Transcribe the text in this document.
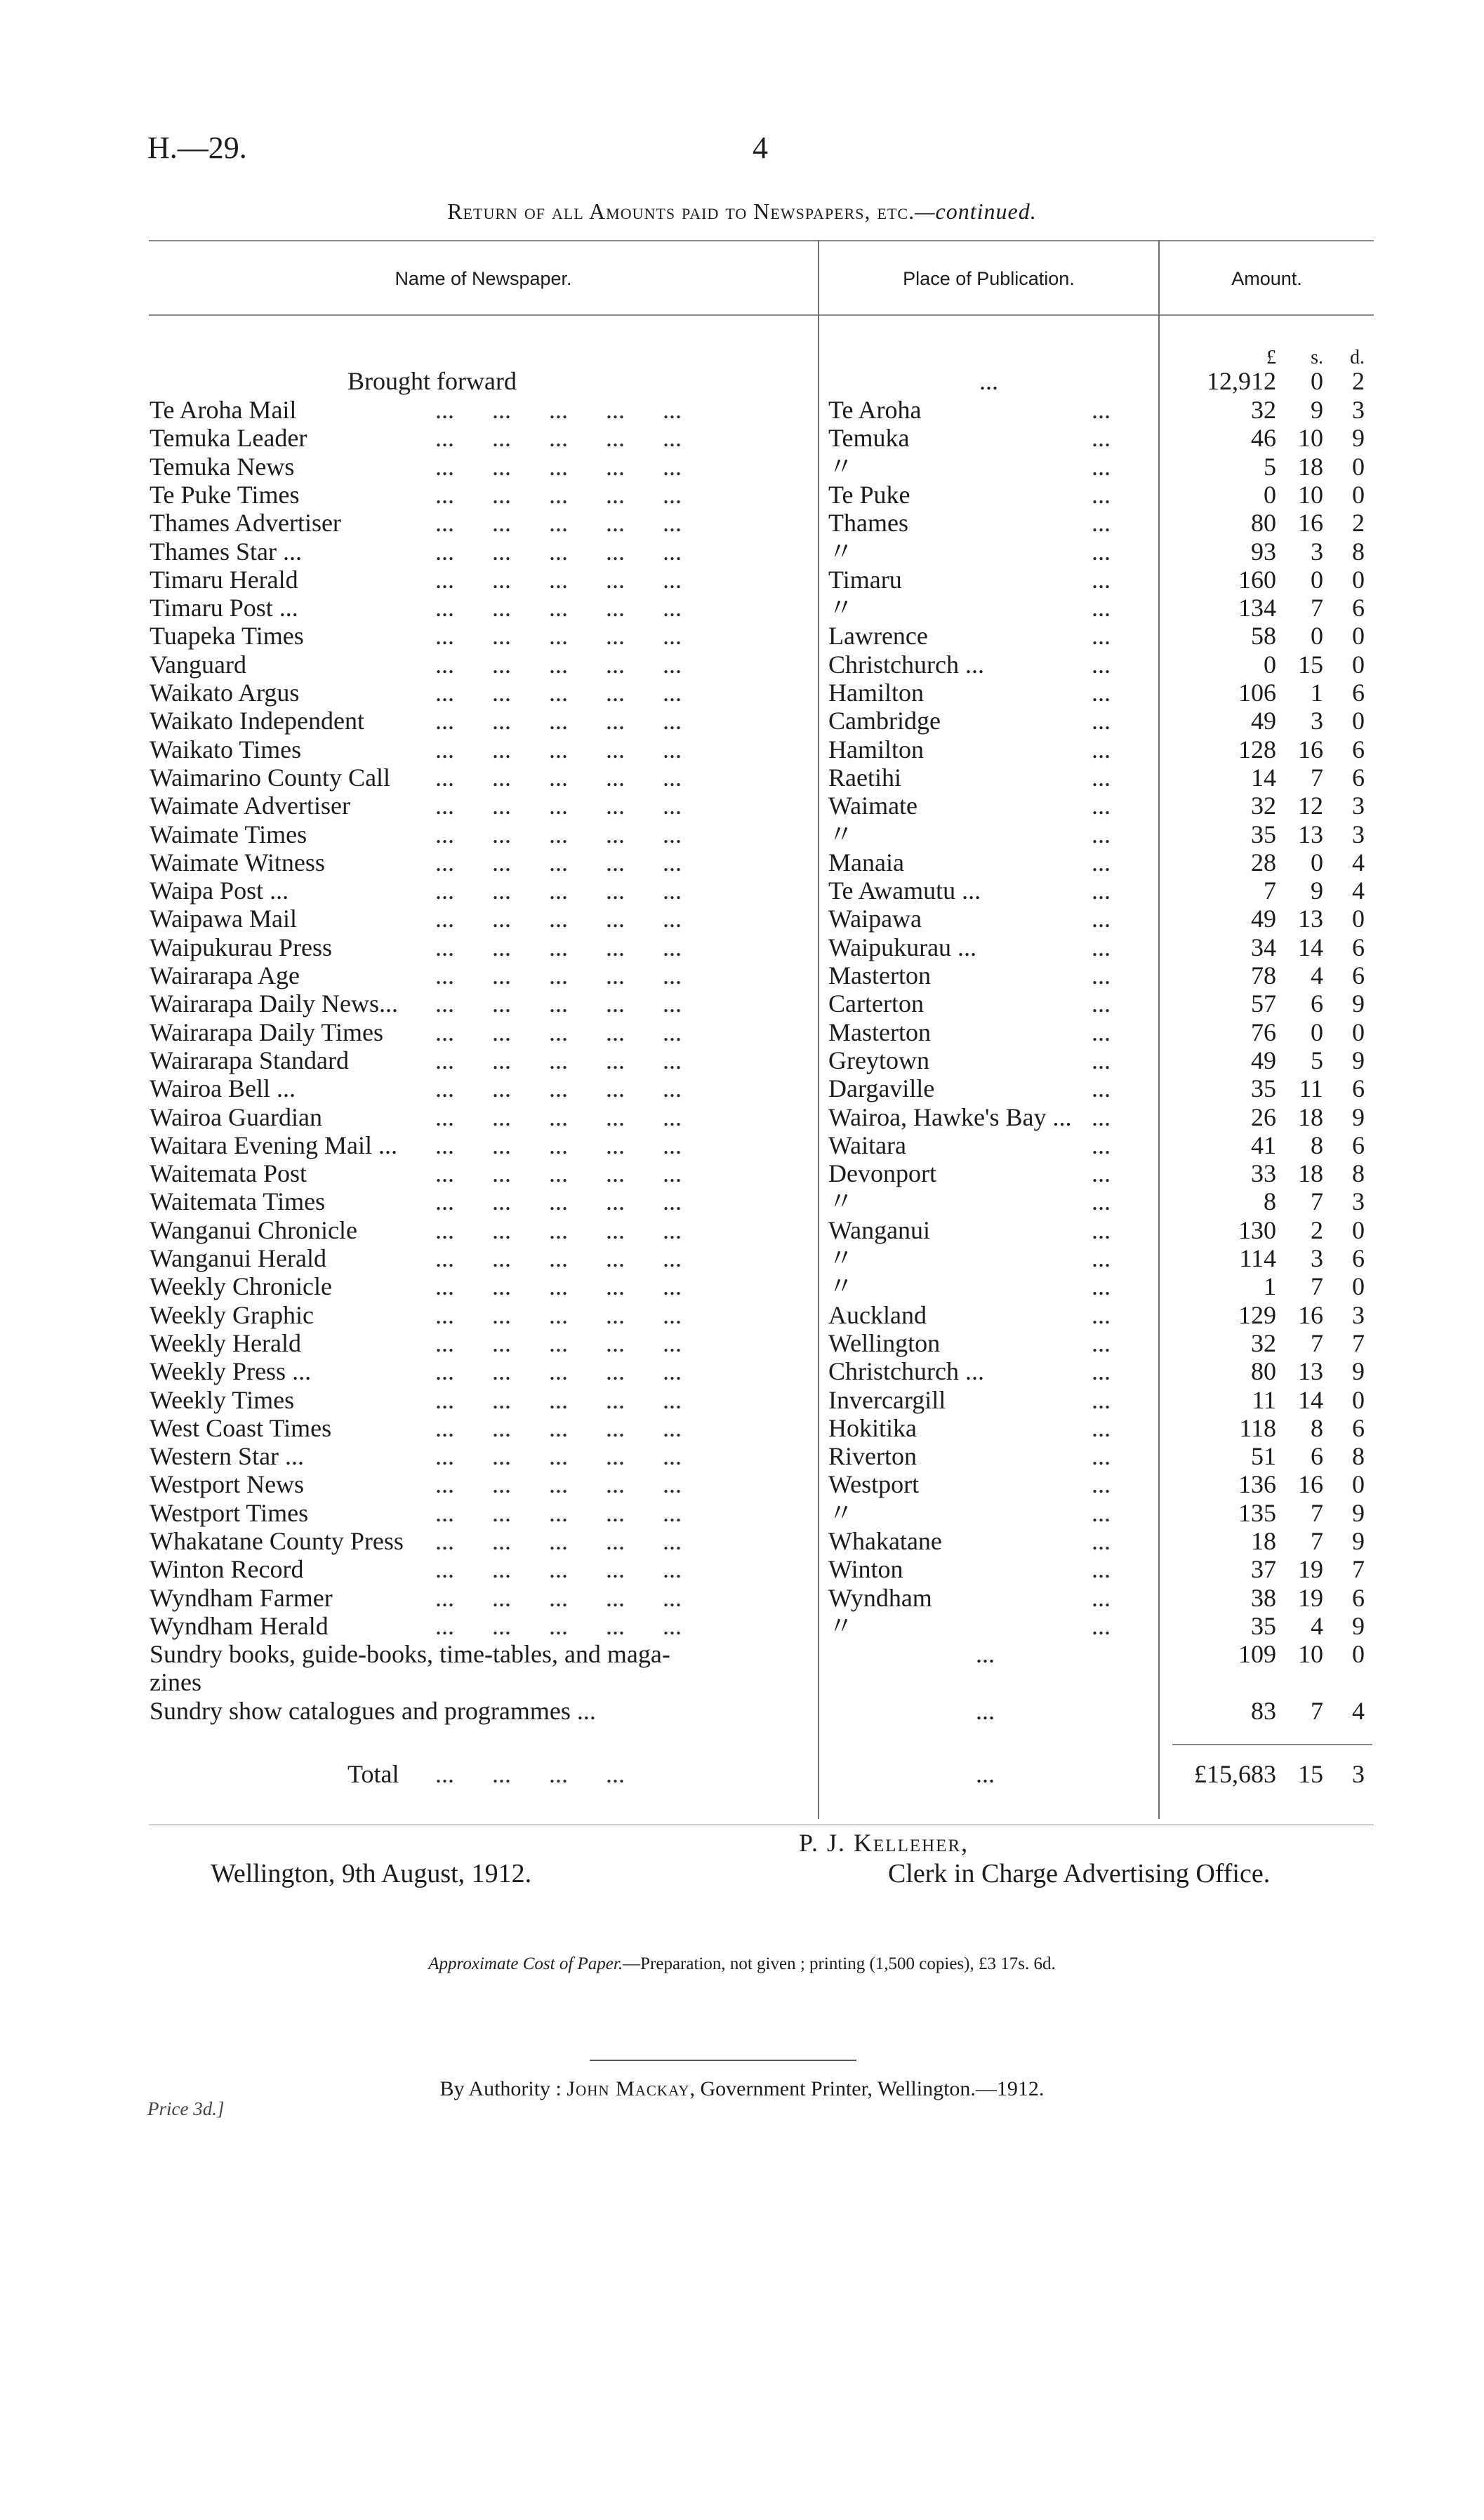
H.—29.	4
Return of all Amounts paid to Newspapers, etc.—continued.
Name of Newspaper.	Place of Publication.	Amount.
£ s. d.
Brought forward	...	12,912 0 2
Te Aroha Mail	...      ...      ...      ...      ...	Te Aroha	...	32 9 3
Temuka Leader	...      ...      ...      ...      ...	Temuka	...	46 10 9
Temuka News	...      ...      ...      ...      ...	〃	...	5 18 0
Te Puke Times	...      ...      ...      ...      ...	Te Puke	...	0 10 0
Thames Advertiser	...      ...      ...      ...      ...	Thames	...	80 16 2
Thames Star ...	...      ...      ...      ...      ...	〃	...	93 3 8
Timaru Herald	...      ...      ...      ...      ...	Timaru	...	160 0 0
Timaru Post ...	...      ...      ...      ...      ...	〃	...	134 7 6
Tuapeka Times	...      ...      ...      ...      ...	Lawrence	...	58 0 0
Vanguard	...      ...      ...      ...      ...	Christchurch ...	...	0 15 0
Waikato Argus	...      ...      ...      ...      ...	Hamilton	...	106 1 6
Waikato Independent	...      ...      ...      ...      ...	Cambridge	...	49 3 0
Waikato Times	...      ...      ...      ...      ...	Hamilton	...	128 16 6
Waimarino County Call ...      ...      ...      ...      ...	Raetihi	...	14 7 6
Waimate Advertiser	...      ...      ...      ...      ...	Waimate	...	32 12 3
Waimate Times	...      ...      ...      ...      ...	〃	...	35 13 3
Waimate Witness	...      ...      ...      ...      ...	Manaia	...	28 0 4
Waipa Post ...	...      ...      ...      ...      ...	Te Awamutu ...	...	7 9 4
Waipawa Mail	...      ...      ...      ...      ...	Waipawa	...	49 13 0
Waipukurau Press	...      ...      ...      ...      ...	Waipukurau ...	...	34 14 6
Wairarapa Age	...      ...      ...      ...      ...	Masterton	...	78 4 6
Wairarapa Daily News... ...      ...      ...      ...      ...	Carterton	...	57 6 9
Wairarapa Daily Times ...      ...      ...      ...      ...	Masterton	...	76 0 0
Wairarapa Standard	...      ...      ...      ...      ...	Greytown	...	49 5 9
Wairoa Bell ...	...      ...      ...      ...      ...	Dargaville	...	35 11 6
Wairoa Guardian	...      ...      ...      ...      ...	Wairoa, Hawke's Bay ... ...	26 18 9
Waitara Evening Mail ... ...      ...      ...      ...      ...	Waitara	...	41 8 6
Waitemata Post	...      ...      ...      ...      ...	Devonport	...	33 18 8
Waitemata Times	...      ...      ...      ...      ...	〃	...	8 7 3
Wanganui Chronicle	...      ...      ...      ...      ...	Wanganui	...	130 2 0
Wanganui Herald	...      ...      ...      ...      ...	〃	...	114 3 6
Weekly Chronicle	...      ...      ...      ...      ...	〃	...	1 7 0
Weekly Graphic	...      ...      ...      ...      ...	Auckland	...	129 16 3
Weekly Herald	...      ...      ...      ...      ...	Wellington	...	32 7 7
Weekly Press ...	...      ...      ...      ...      ...	Christchurch ...	...	80 13 9
Weekly Times	...      ...      ...      ...      ...	Invercargill	...	11 14 0
West Coast Times	...      ...      ...      ...      ...	Hokitika	...	118 8 6
Western Star ...	...      ...      ...      ...      ...	Riverton	...	51 6 8
Westport News	...      ...      ...      ...      ...	Westport	...	136 16 0
Westport Times	...      ...      ...      ...      ...	〃	...	135 7 9
Whakatane County Press ...      ...      ...      ...      ...	Whakatane	...	18 7 9
Winton Record	...      ...      ...      ...      ...	Winton	...	37 19 7
Wyndham Farmer	...      ...      ...      ...      ...	Wyndham	...	38 19 6
Wyndham Herald	...      ...      ...      ...      ...	〃	...	35 4 9
Sundry books, guide-books, time-tables, and maga-
zines
...	109 10 0
Sundry show catalogues and programmes ...	...	83 7 4
Total ...      ...      ...      ...	...	£15,683 15 3
P. J. Kelleher,
Clerk in Charge Advertising Office.
Wellington, 9th August, 1912.
Approximate Cost of Paper.—Preparation, not given ; printing (1,500 copies), £3 17s. 6d.
By Authority : John Mackay, Government Printer, Wellington.—1912.
Price 3d.]
